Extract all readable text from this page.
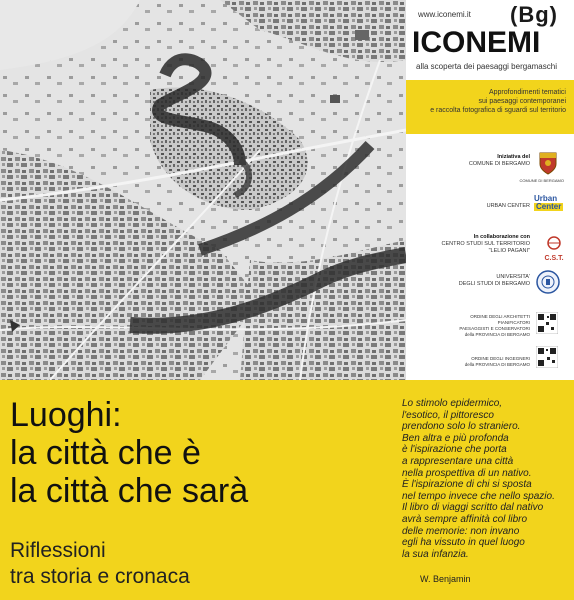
www.iconemi.it (Bg)
ICONEMI
alla scoperta dei paesaggi bergamaschi
Approfondimenti tematici
sui paesaggi contemporanei
e raccolta fotografica di sguardi sul territorio
Iniziativa del
COMUNE DI BERGAMO
COMUNE DI BERGAMO
URBAN CENTER
Urban
Center
In collaborazione con
CENTRO STUDI SUL TERRITORIO
"LELIO PAGANI"
C.S.T.
UNIVERSITA'
DEGLI STUDI DI BERGAMO
ORDINE DEGLI ARCHITETTI
PIANIFICATORI
PAESAGGISTI E CONSERVATORI
della PROVINCIA DI BERGAMO
ORDINE DEGLI INGEGNERI
della PROVINCIA DI BERGAMO
Luoghi:
la città che è
la città che sarà
Riflessioni
tra storia e cronaca
Lo stimolo epidermico,
l'esotico, il pittoresco
prendono solo lo straniero.
Ben altra e più profonda
è l'ispirazione che porta
a rappresentare una città
nella prospettiva di un nativo.
È l'ispirazione di chi si sposta
nel tempo invece che nello spazio.
Il libro di viaggi scritto dal nativo
avrà sempre affinità col libro
delle memorie: non invano
egli ha vissuto in quel luogo
la sua infanzia.
W. Benjamin
